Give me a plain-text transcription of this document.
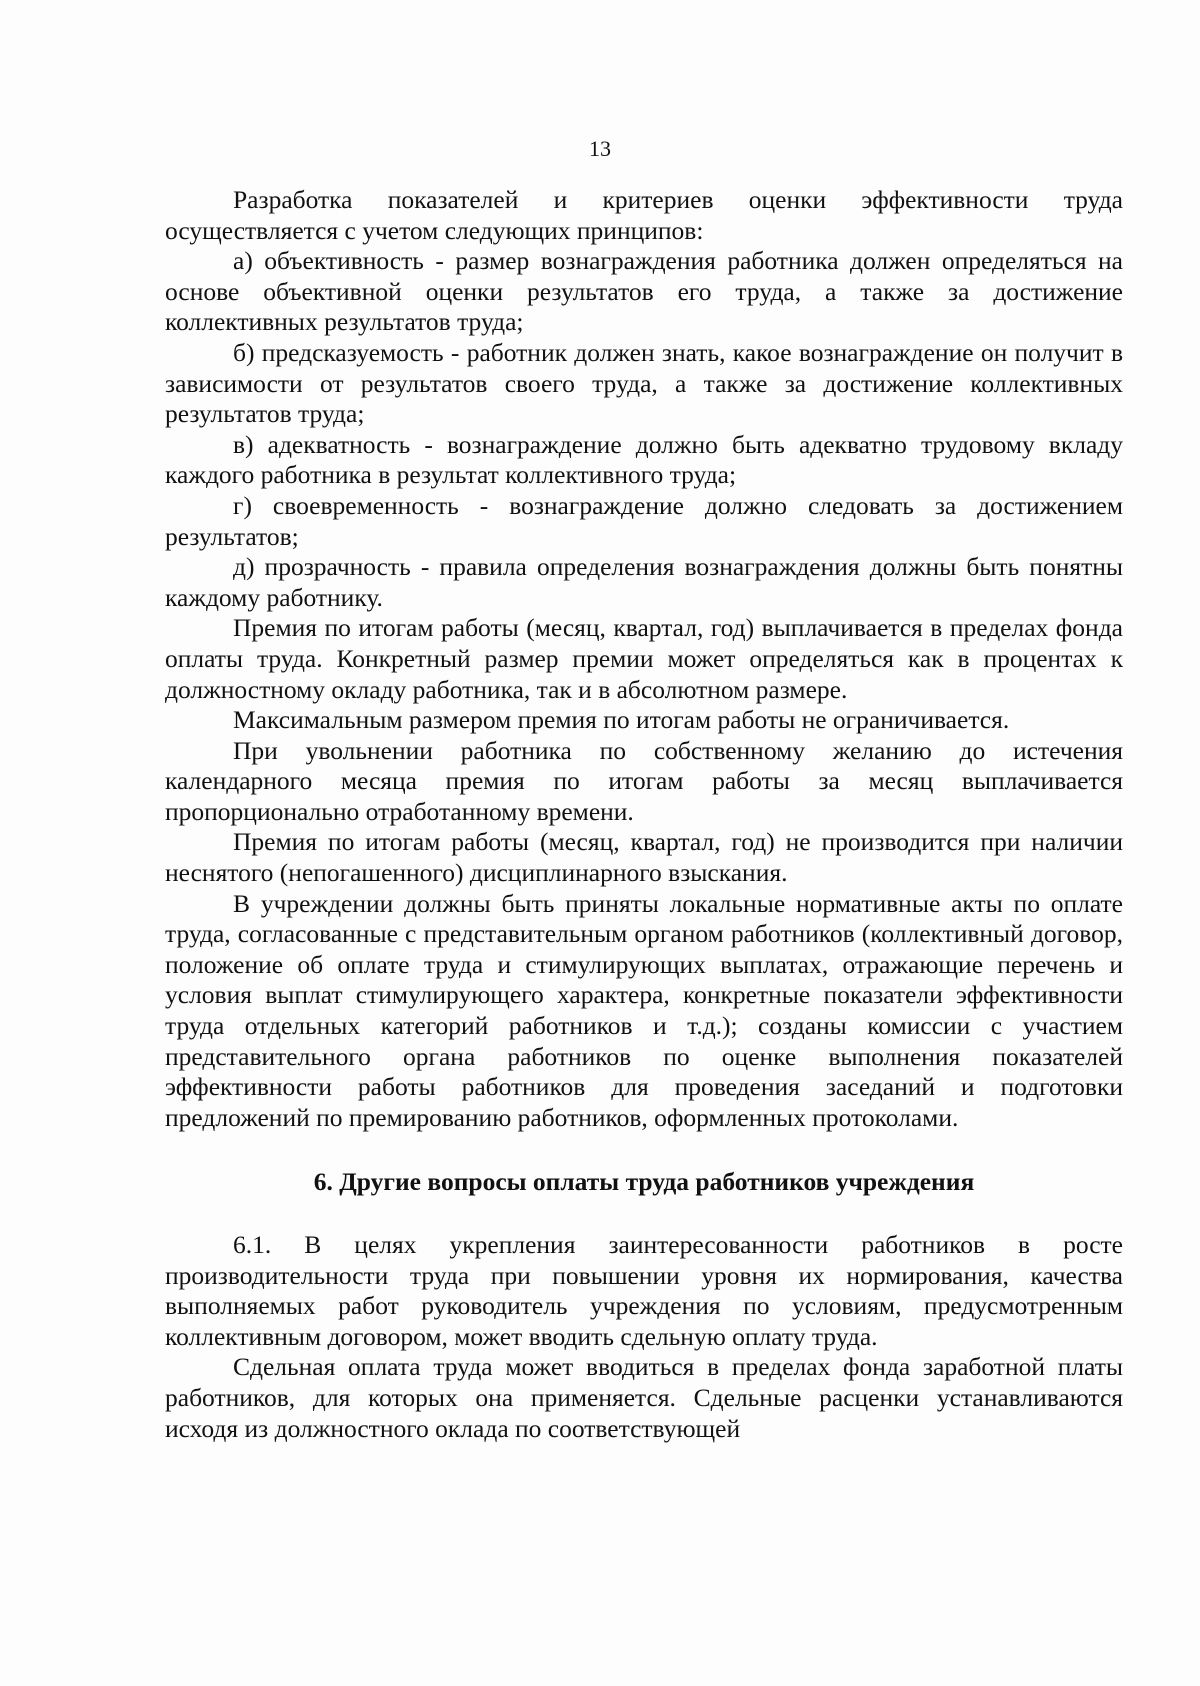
13

Разработка показателей и критериев оценки эффективности труда осуществляется с учетом следующих принципов:

а) объективность - размер вознаграждения работника должен определяться на основе объективной оценки результатов его труда, а также за достижение коллективных результатов труда;

б) предсказуемость - работник должен знать, какое вознаграждение он получит в зависимости от результатов своего труда, а также за достижение коллективных результатов труда;

в) адекватность - вознаграждение должно быть адекватно трудовому вкладу каждого работника в результат коллективного труда;

г) своевременность - вознаграждение должно следовать за достижением результатов;

д) прозрачность - правила определения вознаграждения должны быть понятны каждому работнику.

Премия по итогам работы (месяц, квартал, год) выплачивается в пределах фонда оплаты труда. Конкретный размер премии может определяться как в процентах к должностному окладу работника, так и в абсолютном размере.

Максимальным размером премия по итогам работы не ограничивается.

При увольнении работника по собственному желанию до истечения календарного месяца премия по итогам работы за месяц выплачивается пропорционально отработанному времени.

Премия по итогам работы (месяц, квартал, год) не производится при наличии неснятого (непогашенного) дисциплинарного взыскания.

В учреждении должны быть приняты локальные нормативные акты по оплате труда, согласованные с представительным органом работников (коллективный договор, положение об оплате труда и стимулирующих выплатах, отражающие перечень и условия выплат стимулирующего характера, конкретные показатели эффективности труда отдельных категорий работников и т.д.); созданы комиссии с участием представительного органа работников по оценке выполнения показателей эффективности работы работников для проведения заседаний и подготовки предложений по премированию работников, оформленных протоколами.

6. Другие вопросы оплаты труда работников учреждения

6.1. В целях укрепления заинтересованности работников в росте производительности труда при повышении уровня их нормирования, качества выполняемых работ руководитель учреждения по условиям, предусмотренным коллективным договором, может вводить сдельную оплату труда.

Сдельная оплата труда может вводиться в пределах фонда заработной платы работников, для которых она применяется. Сдельные расценки устанавливаются исходя из должностного оклада по соответствующей
